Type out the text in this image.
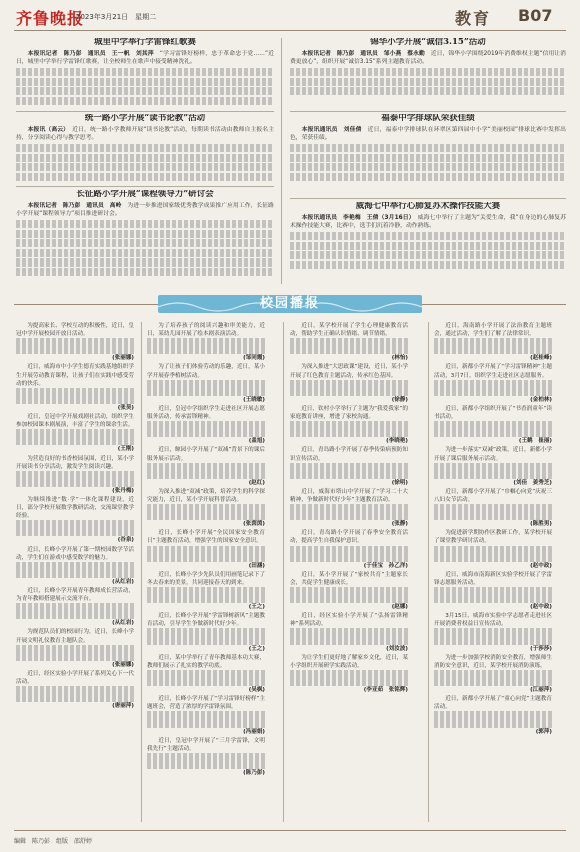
齐鲁晚报
2023年3月21日　星期二	教育 B07
城里中学举行学雷锋红歌赛

本报讯记者　陈乃彭　通讯员　王一帆　刘其萍　 “学习雷锋好榜样，忠于革命忠于党……”近日，城里中学举行学雷锋红歌赛，让全校师生在歌声中接受精神洗礼。

统一路小学开展“读书论教”活动

本报讯（高云）　 近日，统一路小学教师开展“读书论教”活动，每期读书活动由教师自主报名主持，分享阅读心得与教学思考。

长征路小学开展“课程领导力”研讨会

本报讯记者　陈乃彭　通讯员　高岭　 为进一步推进国家级优秀教学成果推广应用工作，长征路小学开展“课程领导力”项目推进研讨会。

锦华小学开展“诚信3.15”活动

本报讯记者　陈乃彭　通讯员　邹小燕　蔡永勤　 近日，锦华小学围绕2019年消费维权主题“信用让消费更放心”，组织开展“诚信3.15”系列主题教育活动。

福泰中学排球队荣获佳绩

本报讯通讯员　刘佳倩　 近日，福泰中学排球队在环翠区第四届中小学“美丽校园”排球比赛中发挥出色，荣获佳绩。

威海七中举行心肺复苏术操作技能大赛

本报讯通讯员　李艳梅　王倩（3月16日）　 威海七中举行了主题为“关爱生命，我”在身边的心肺复苏术操作技能大赛，比赛中，选手们沉着冷静，动作熟练。

校园播报

为提高家长、学校互动的积极性，近日，皇冠中学开展校园开放日活动。

(张丽娜)

近日，威海市中小学生德育实践基地组织学生开展劳动教育课程，让孩子们在实践中感受劳动的快乐。

(张昊)

近日，皇冠中学开展戏剧社活动，组织学生参加校园课本剧展演，丰富了学生的课余生活。

(王刚)

为营造良好的书香校园氛围，近日，某小学开展读书分享活动，激发学生阅读兴趣。

(张丹梅)

为继续推进“数·学”一体化课程建设，近日，部分学校开展数学教研活动，交流课堂教学经验。

(谷泉)

近日，长峰小学开展了第一期校园数学节活动，学生们在游戏中感受数学的魅力。

(从红岩)

近日，长峰小学开展青年教师成长营活动，为青年教师搭建展示交流平台。

(从红岩)

为规范队员们的校园行为，近日，长峰小学开展文明礼仪教育主题队会。

(张丽娜)

近日，经区实验小学开展了系列关心下一代活动。

(唐丽萍)

为了培养孩子的阅读兴趣和审美能力，近日，某幼儿园开展了绘本剧表演活动。

(邹同霞)

为了让孩子们体验劳动的乐趣，近日，某小学开展春季植树活动。

(王晓敏)

近日，皇冠中学组织学生走进社区开展志愿服务活动，传承雷锋精神。

(盖旭)

近日，鲸园小学开展了“双减”背景下的课后服务展示活动。

(赵红)

为深入推进“双减”政策，培养学生的科学探究能力，近日，某小学开展科普活动。

(张茵茵)

近日，长峰小学开展“全民国家安全教育日”主题教育活动，增强学生的国家安全意识。

(田涵)

近日，长峰小学少先队员们用画笔记录下了冬去春来的美景，共同迎接春天的到来。

(王之)

近日，长峰小学开展“学雷锋树新风”主题教育活动，引导学生争做新时代好少年。

(王之)

近日，某中学举行了青年教师基本功大赛，教师们展示了扎实的教学功底。

(吴枫)

近日，长峰小学开展了“学习雷锋好榜样”主题班会，营造了浓厚的学雷锋氛围。

(冯丽娟)

近日，皇冠中学开展了“三月学雷锋，文明我先行”主题活动。

(陈乃彭)

近日，某学校开展了学生心理健康教育活动，帮助学生正确认识情绪、调节情绪。

(林怡)

为深入推进“大思政课”建设，近日，某小学开展了红色教育主题活动，传承红色基因。

(徐静)

近日，钦村小学举行了主题为“我爱我家”的家庭教育讲座，增进了家校沟通。

(李晓艳)

近日，青岛路小学开展了春季传染病预防知识宣传活动。

(徐明)

近日，威海市塔山中学开展了“学习二十大精神，争做新时代好少年”主题教育活动。

(张静)

近日，青岛路小学开展了春季安全教育活动，提高学生自我保护意识。

(于佳宝　孙乙洋)

近日，某小学开展了“家校共育”主题家长会，共促学生健康成长。

(赵娜)

近日，经区实验小学开展了“弘扬雷锋精神”系列活动。

(刘汝波)

为让学生们更好地了解家乡文化，近日，某小学组织开展研学实践活动。

(李亚茹　张铭辉)

近日，海南路小学开展了法治教育主题班会，通过活动，学生们了解了法律常识。

(赵桂峰)

近日，新都小学开展了“学习雷锋精神”主题活动，3月7日，组织学生走进社区志愿服务。

(金柏林)

近日，新都小学组织开展了“书香润童年”读书活动。

(王鹤　崔丽)

为进一步落实“双减”政策，近日，新都小学开展了课后服务展示活动。

(刘佳　姜秀芝)

近日，新都小学开展了“巾帼心向党”庆祝三八妇女节活动。

(陈胜男)

为促进新学期协作区教研工作，某学校开展了课堂教学研讨活动。

(赵中政)

近日，威海市南海新区实验学校开展了学雷锋志愿服务活动。

(赵中政)

3月15日，威海市实验中学志愿者走进社区开展消费者权益日宣传活动。

(于莎莎)

为进一步加强学校消防安全教育，增强师生消防安全意识，近日，某学校开展消防演练。

(江丽萍)

近日，新都小学开展了“童心向党”主题教育活动。

(郭萍)
编辑　陈乃彭　组版　邵舒婷
